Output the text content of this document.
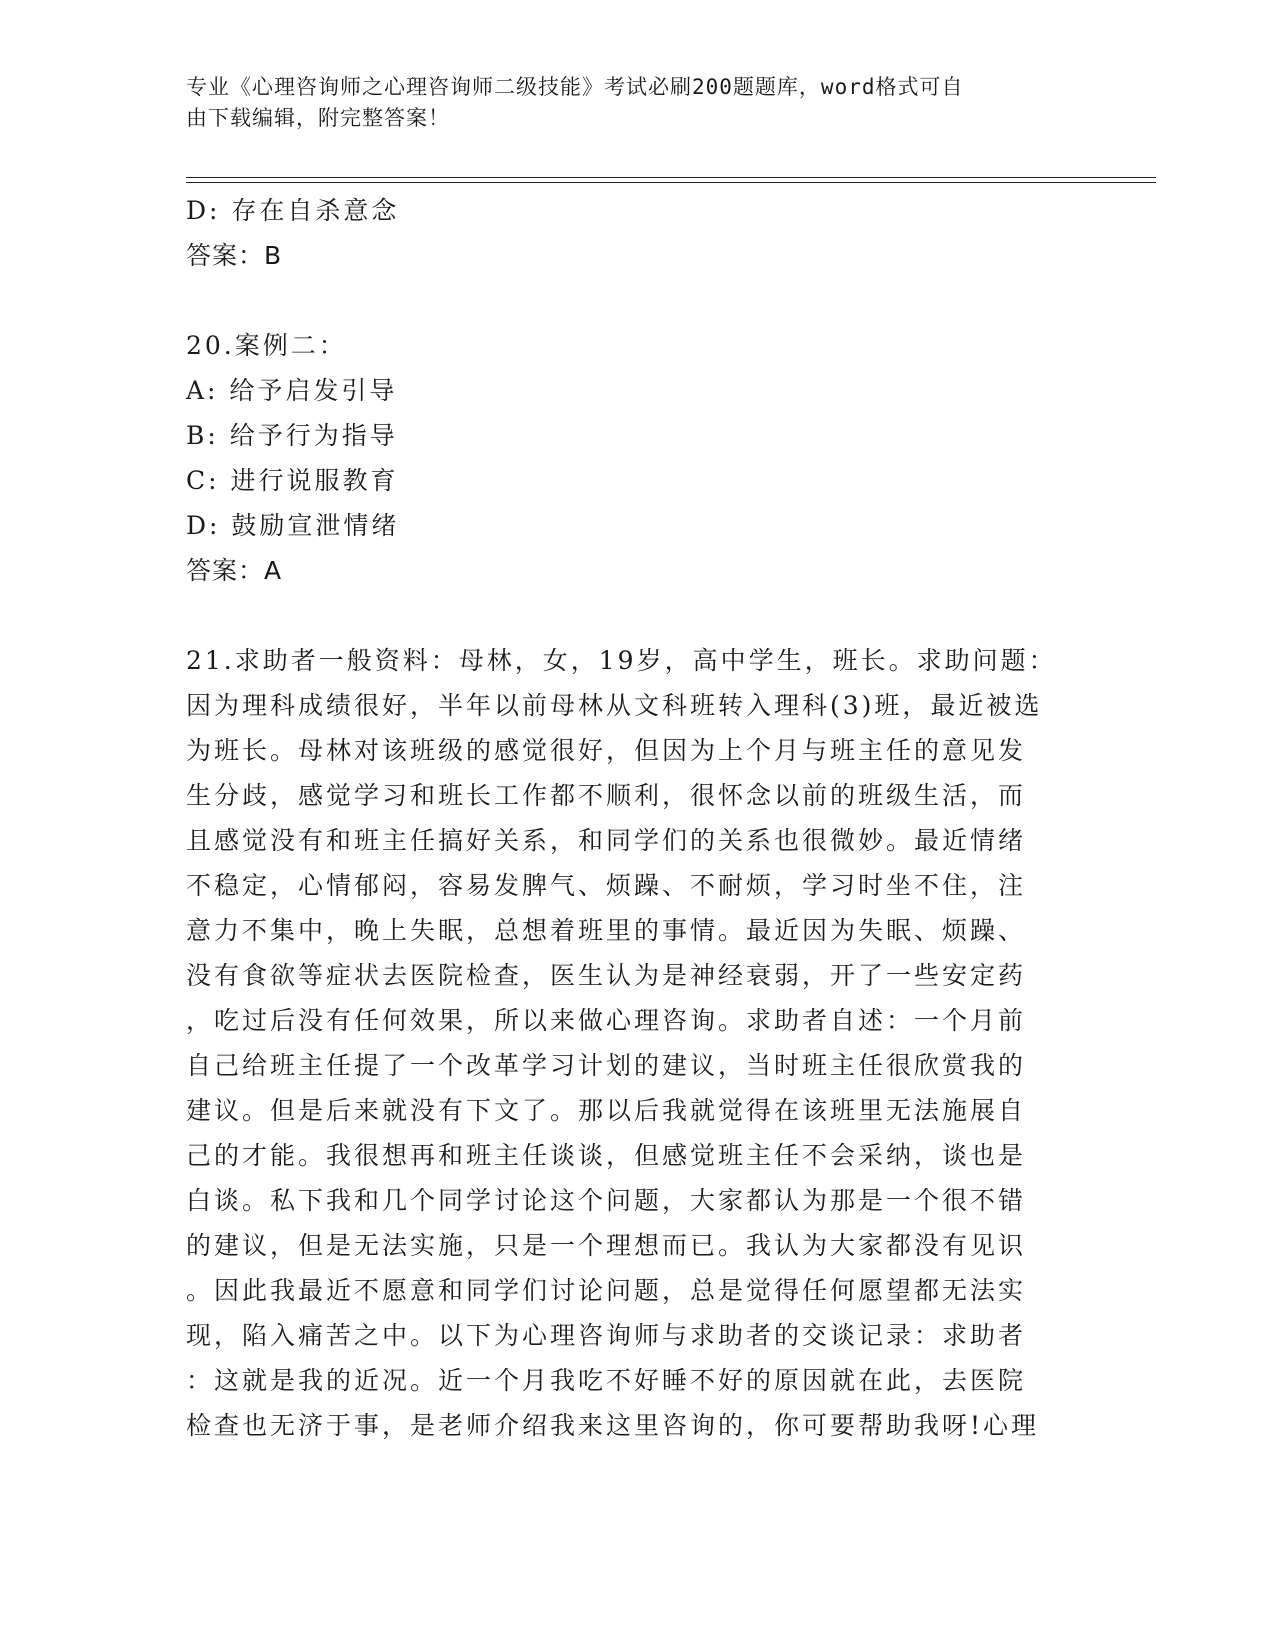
专业《心理咨询师之心理咨询师二级技能》考试必刷200题题库，word格式可自
由下载编辑，附完整答案！
D: 存在自杀意念
答案：B
20.案例二：
A: 给予启发引导
B: 给予行为指导
C: 进行说服教育
D: 鼓励宣泄情绪
答案：A
21.求助者一般资料：母林，女，19岁，高中学生，班长。求助问题：
因为理科成绩很好，半年以前母林从文科班转入理科(3)班，最近被选
为班长。母林对该班级的感觉很好，但因为上个月与班主任的意见发
生分歧，感觉学习和班长工作都不顺利，很怀念以前的班级生活，而
且感觉没有和班主任搞好关系，和同学们的关系也很微妙。最近情绪
不稳定，心情郁闷，容易发脾气、烦躁、不耐烦，学习时坐不住，注
意力不集中，晚上失眠，总想着班里的事情。最近因为失眠、烦躁、
没有食欲等症状去医院检查，医生认为是神经衰弱，开了一些安定药
，吃过后没有任何效果，所以来做心理咨询。求助者自述：一个月前
自己给班主任提了一个改革学习计划的建议，当时班主任很欣赏我的
建议。但是后来就没有下文了。那以后我就觉得在该班里无法施展自
己的才能。我很想再和班主任谈谈，但感觉班主任不会采纳，谈也是
白谈。私下我和几个同学讨论这个问题，大家都认为那是一个很不错
的建议，但是无法实施，只是一个理想而已。我认为大家都没有见识
。因此我最近不愿意和同学们讨论问题，总是觉得任何愿望都无法实
现，陷入痛苦之中。以下为心理咨询师与求助者的交谈记录：求助者
：这就是我的近况。近一个月我吃不好睡不好的原因就在此，去医院
检查也无济于事，是老师介绍我来这里咨询的，你可要帮助我呀!心理
